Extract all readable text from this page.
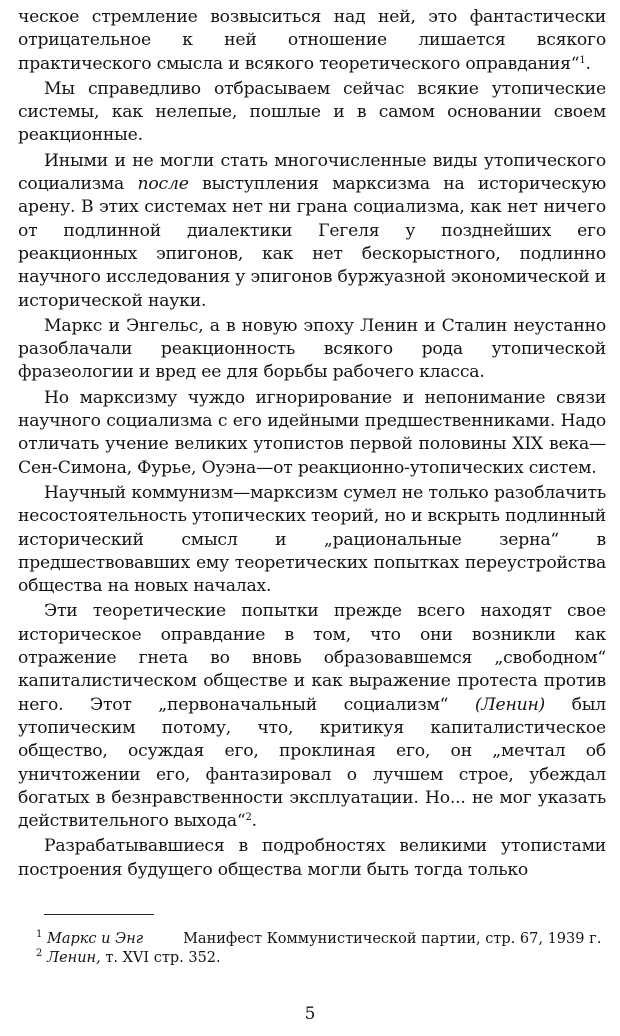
ческое стремление возвыситься над ней, это фантастически отрицательное к ней отношение лишается всякого практического смысла и всякого теоретического оправдания“$^1$.

Мы справедливо отбрасываем сейчас всякие утопические системы, как нелепые, пошлые и в самом основании своем реакционные.

Иными и не могли стать многочисленные виды утопического социализма после выступления марксизма на историческую арену. В этих системах нет ни грана социализма, как нет ничего от подлинной диалектики Гегеля у позднейших его реакционных эпигонов, как нет бескорыстного, подлинно научного исследования у эпигонов буржуазной экономической и исторической науки.

Маркс и Энгельс, а в новую эпоху Ленин и Сталин неустанно разоблачали реакционность всякого рода утопической фразеологии и вред ее для борьбы рабочего класса.

Но марксизму чуждо игнорирование и непонимание связи научного социализма с его идейными предшественниками. Надо отличать учение великих утопистов первой половины XIX века—Сен-Симона, Фурье, Оуэна—от реакционно-утопических систем.

Научный коммунизм—марксизм сумел не только разоблачить несостоятельность утопических теорий, но и вскрыть подлинный исторический смысл и „рациональные зерна“ в предшествовавших ему теоретических попытках переустройства общества на новых началах.

Эти теоретические попытки прежде всего находят свое историческое оправдание в том, что они возникли как отражение гнета во вновь образовавшемся „свободном“ капиталистическом обществе и как выражение протеста против него. Этот „первоначальный социализм“ (Ленин) был утопическим потому, что, критикуя капиталистическое общество, осуждая его, проклиная его, он „мечтал об уничтожении его, фантазировал о лучшем строе, убеждал богатых в безнравственности эксплуатации. Но... не мог указать действительного выхода“$^2$.

Разрабатывавшиеся в подробностях великими утопистами построения будущего общества могли быть тогда только

$^1$ Маркс и Энг	Манифест Коммунистической партии, стр. 67, 1939 г.

$^2$ Ленин, т. XVI стр. 352.

5
